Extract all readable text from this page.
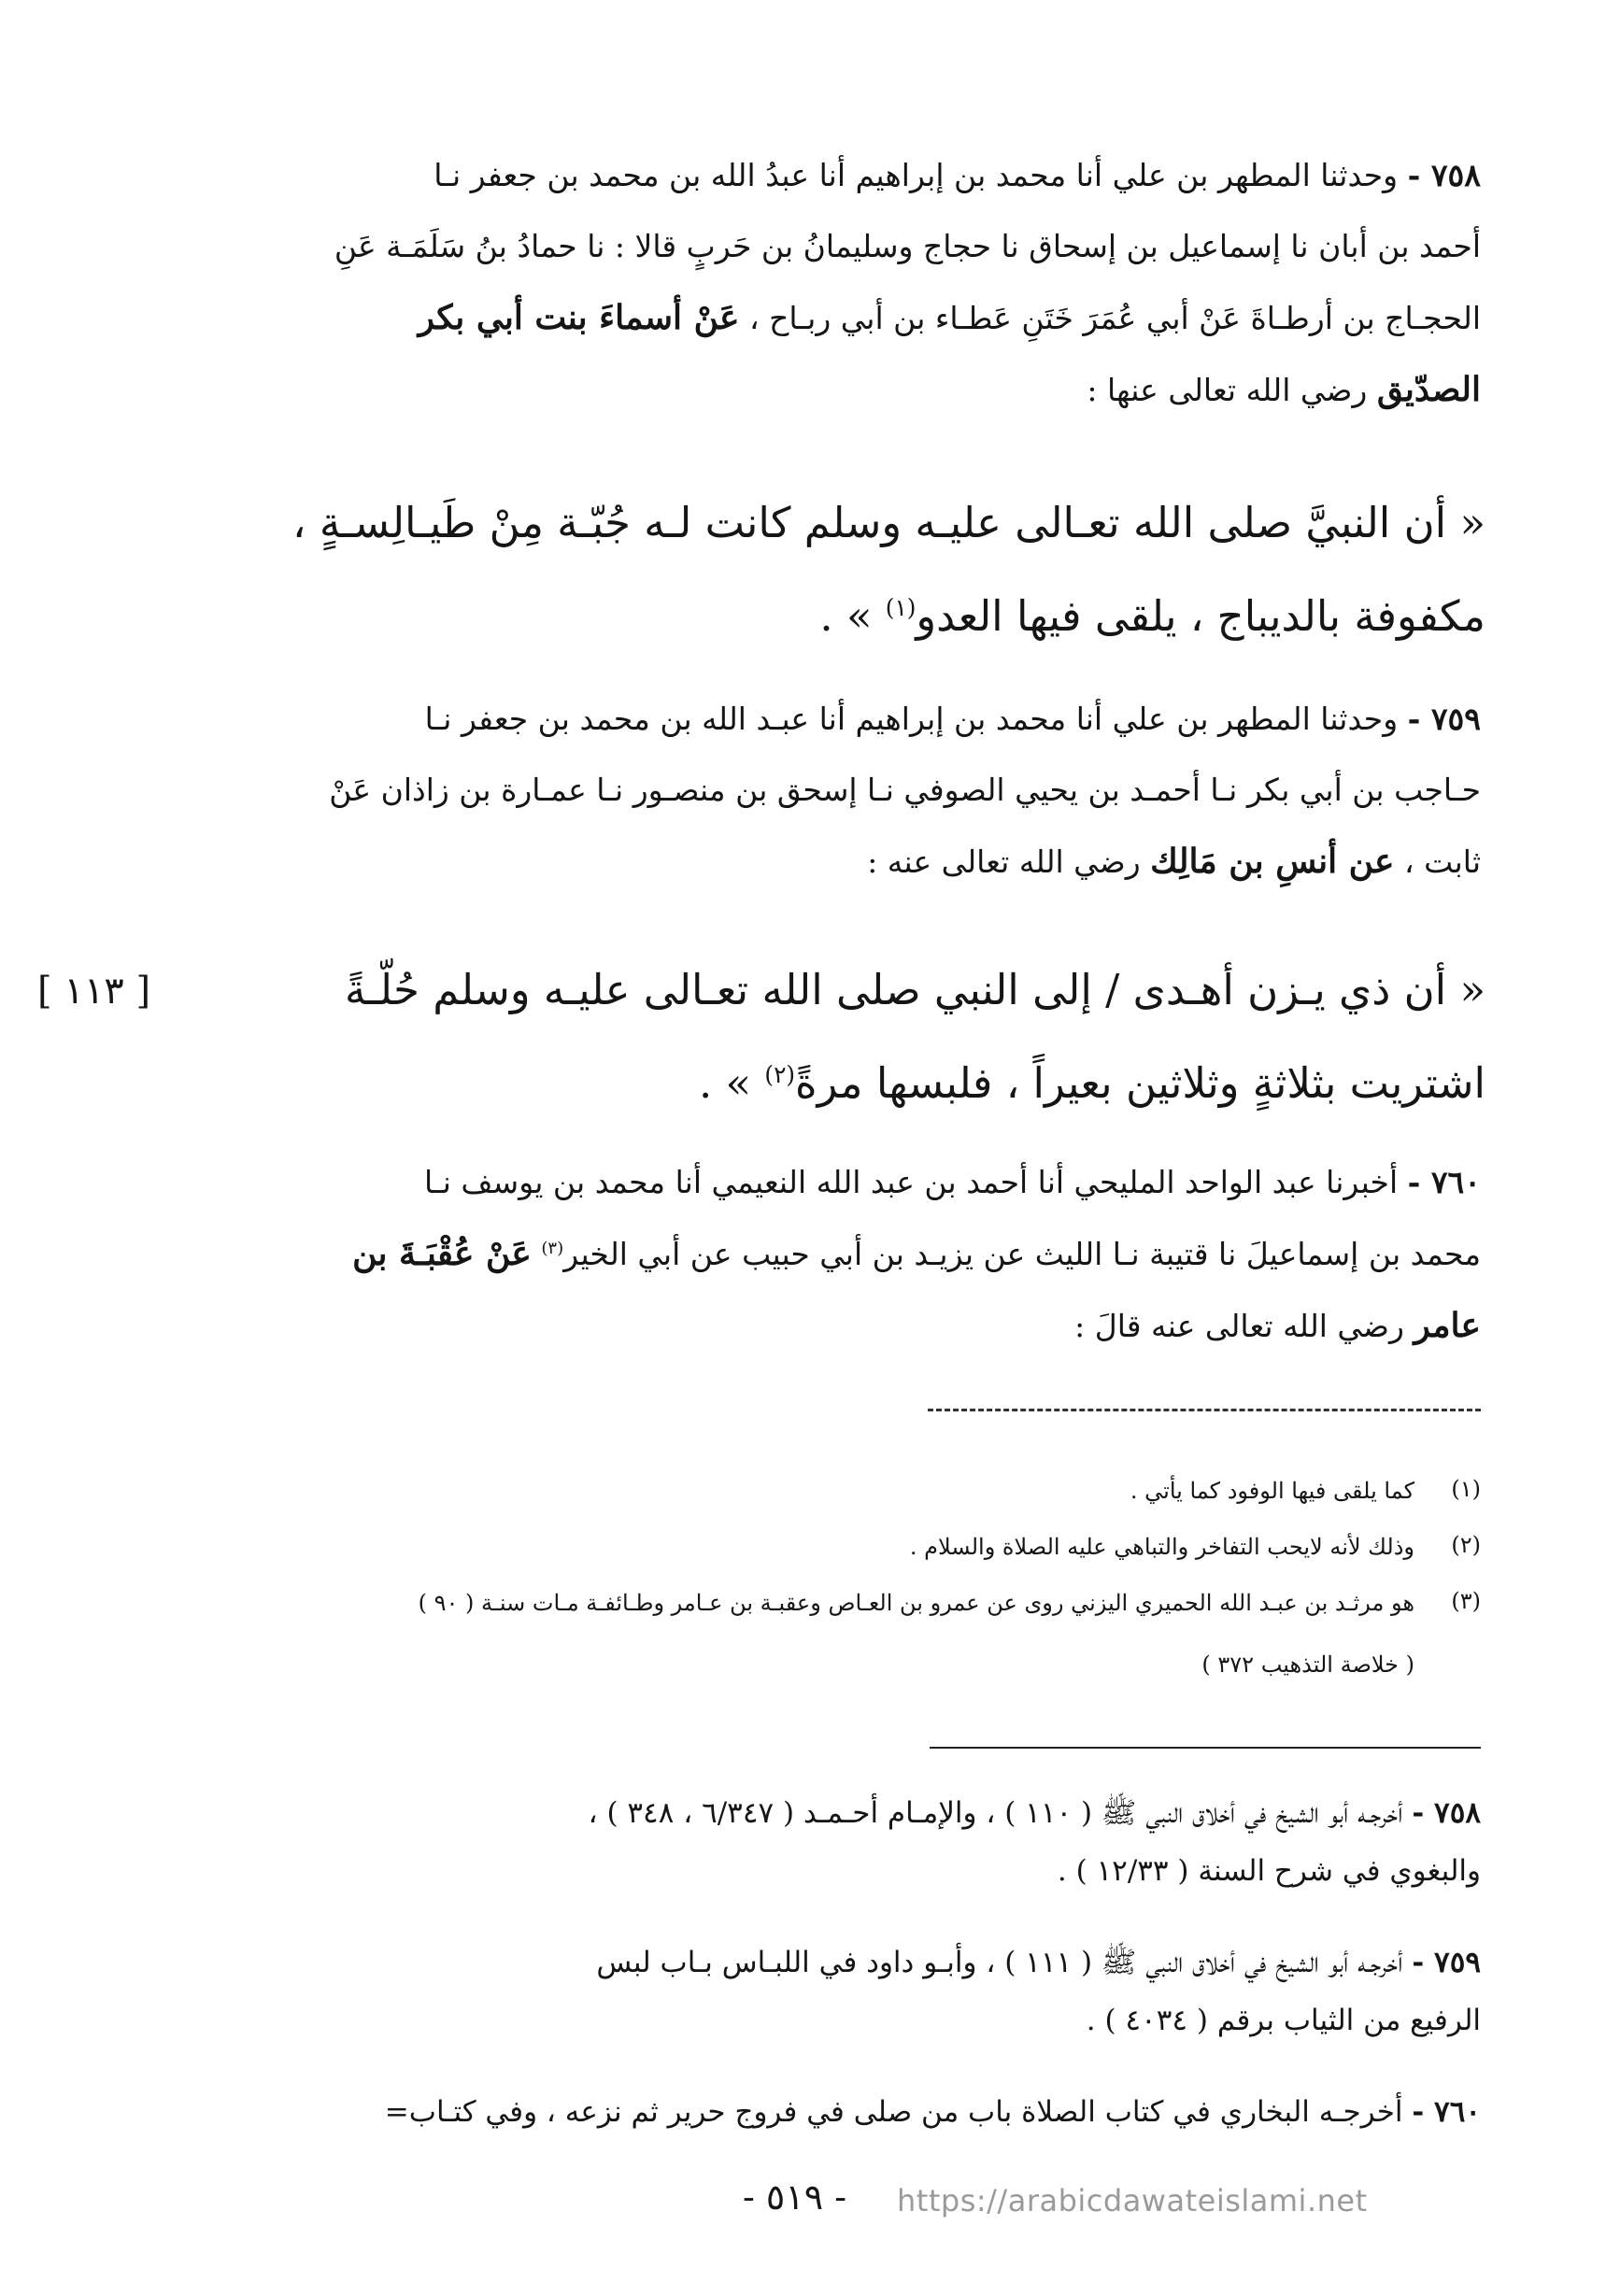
٧٥٨ - وحدثنا المطهر بن علي أنا محمد بن إبراهيم أنا عبدُ الله بن محمد بن جعفر نـا
أحمد بن أبان نا إسماعيل بن إسحاق نا حجاج وسليمانُ بن حَربٍ قالا : نا حمادُ بنُ سَلَمَـة عَنِ
الحجـاج بن أرطـاةَ عَنْ أبي عُمَرَ خَتَنِ عَطـاء بن أبي ربـاح ، عَنْ أسماءَ بنت أبي بكر
الصدّيق رضي الله تعالى عنها :
« أن النبيَّ صلى الله تعـالى عليـه وسلم كانت لـه جُبّـة مِنْ طَيـالِسـةٍ ،
مكفوفة بالديباج ، يلقى فيها العدو$^{(١)}$ » .
٧٥٩ - وحدثنا المطهر بن علي أنا محمد بن إبراهيم أنا عبـد الله بن محمد بن جعفر نـا
حـاجب بن أبي بكر نـا أحمـد بن يحيي الصوفي نـا إسحق بن منصـور نـا عمـارة بن زاذان عَنْ
ثابت ، عن أنسِ بن مَالِك رضي الله تعالى عنه :
« أن ذي يـزن أهـدى / إلى النبي صلى الله تعـالى عليـه وسلم حُلّـةً
اشتريت بثلاثةٍ وثلاثين بعيراً ، فلبسها مرةً$^{(٢)}$ » .
[ ١١٣ ]
٧٦٠ - أخبرنا عبد الواحد المليحي أنا أحمد بن عبد الله النعيمي أنا محمد بن يوسف نـا
محمد بن إسماعيلَ نا قتيبة نـا الليث عن يزيـد بن أبي حبيب عن أبي الخير$^{(٣)}$ عَنْ عُقْبَـةَ بن
عامر رضي الله تعالى عنه قالَ :
(١)
كما يلقى فيها الوفود كما يأتي .
(٢)
وذلك لأنه لايحب التفاخر والتباهي عليه الصلاة والسلام .
(٣)
هو مرثـد بن عبـد الله الحميري اليزني روى عن عمرو بن العـاص وعقبـة بن عـامر وطـائفـة مـات سنـة ( ٩٠ )
( خلاصة التذهيب ٣٧٢ )
٧٥٨ - أخرجـه أبو الشيخ في أخلاق النبي ﷺ ( ١١٠ ) ، والإمـام أحـمـد ( ٦/٣٤٧ ، ٣٤٨ ) ،
والبغوي في شرح السنة ( ١٢/٣٣ ) .
٧٥٩ - أخرجـه أبو الشيخ في أخلاق النبي ﷺ ( ١١١ ) ، وأبـو داود في اللبـاس بـاب لبس
الرفيع من الثياب برقم ( ٤٠٣٤ ) .
٧٦٠ - أخرجـه البخاري في كتاب الصلاة باب من صلى في فروج حرير ثم نزعه ، وفي كتـاب=
- ٥١٩ - https://arabicdawateislami.net
